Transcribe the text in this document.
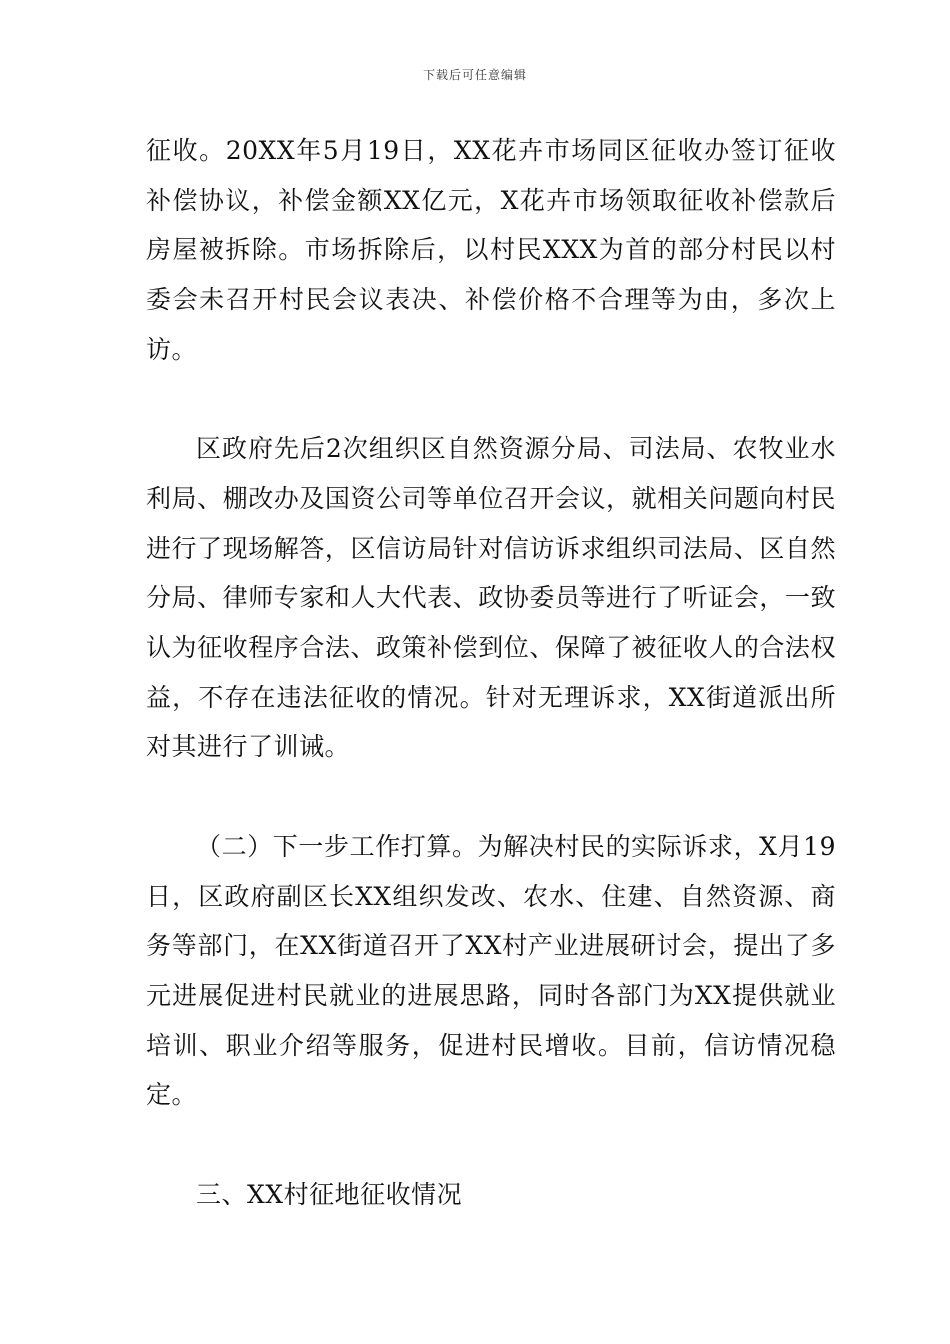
下载后可任意编辑

征收。20XX年5月19日，XX花卉市场同区征收办签订征收补偿协议，补偿金额XX亿元，X花卉市场领取征收补偿款后房屋被拆除。市场拆除后，以村民XXX为首的部分村民以村委会未召开村民会议表决、补偿价格不合理等为由，多次上访。

区政府先后2次组织区自然资源分局、司法局、农牧业水利局、棚改办及国资公司等单位召开会议，就相关问题向村民进行了现场解答，区信访局针对信访诉求组织司法局、区自然分局、律师专家和人大代表、政协委员等进行了听证会，一致认为征收程序合法、政策补偿到位、保障了被征收人的合法权益，不存在违法征收的情况。针对无理诉求，XX街道派出所对其进行了训诫。

（二）下一步工作打算。为解决村民的实际诉求，X月19日，区政府副区长XX组织发改、农水、住建、自然资源、商务等部门，在XX街道召开了XX村产业进展研讨会，提出了多元进展促进村民就业的进展思路，同时各部门为XX提供就业培训、职业介绍等服务，促进村民增收。目前，信访情况稳定。

三、XX村征地征收情况
